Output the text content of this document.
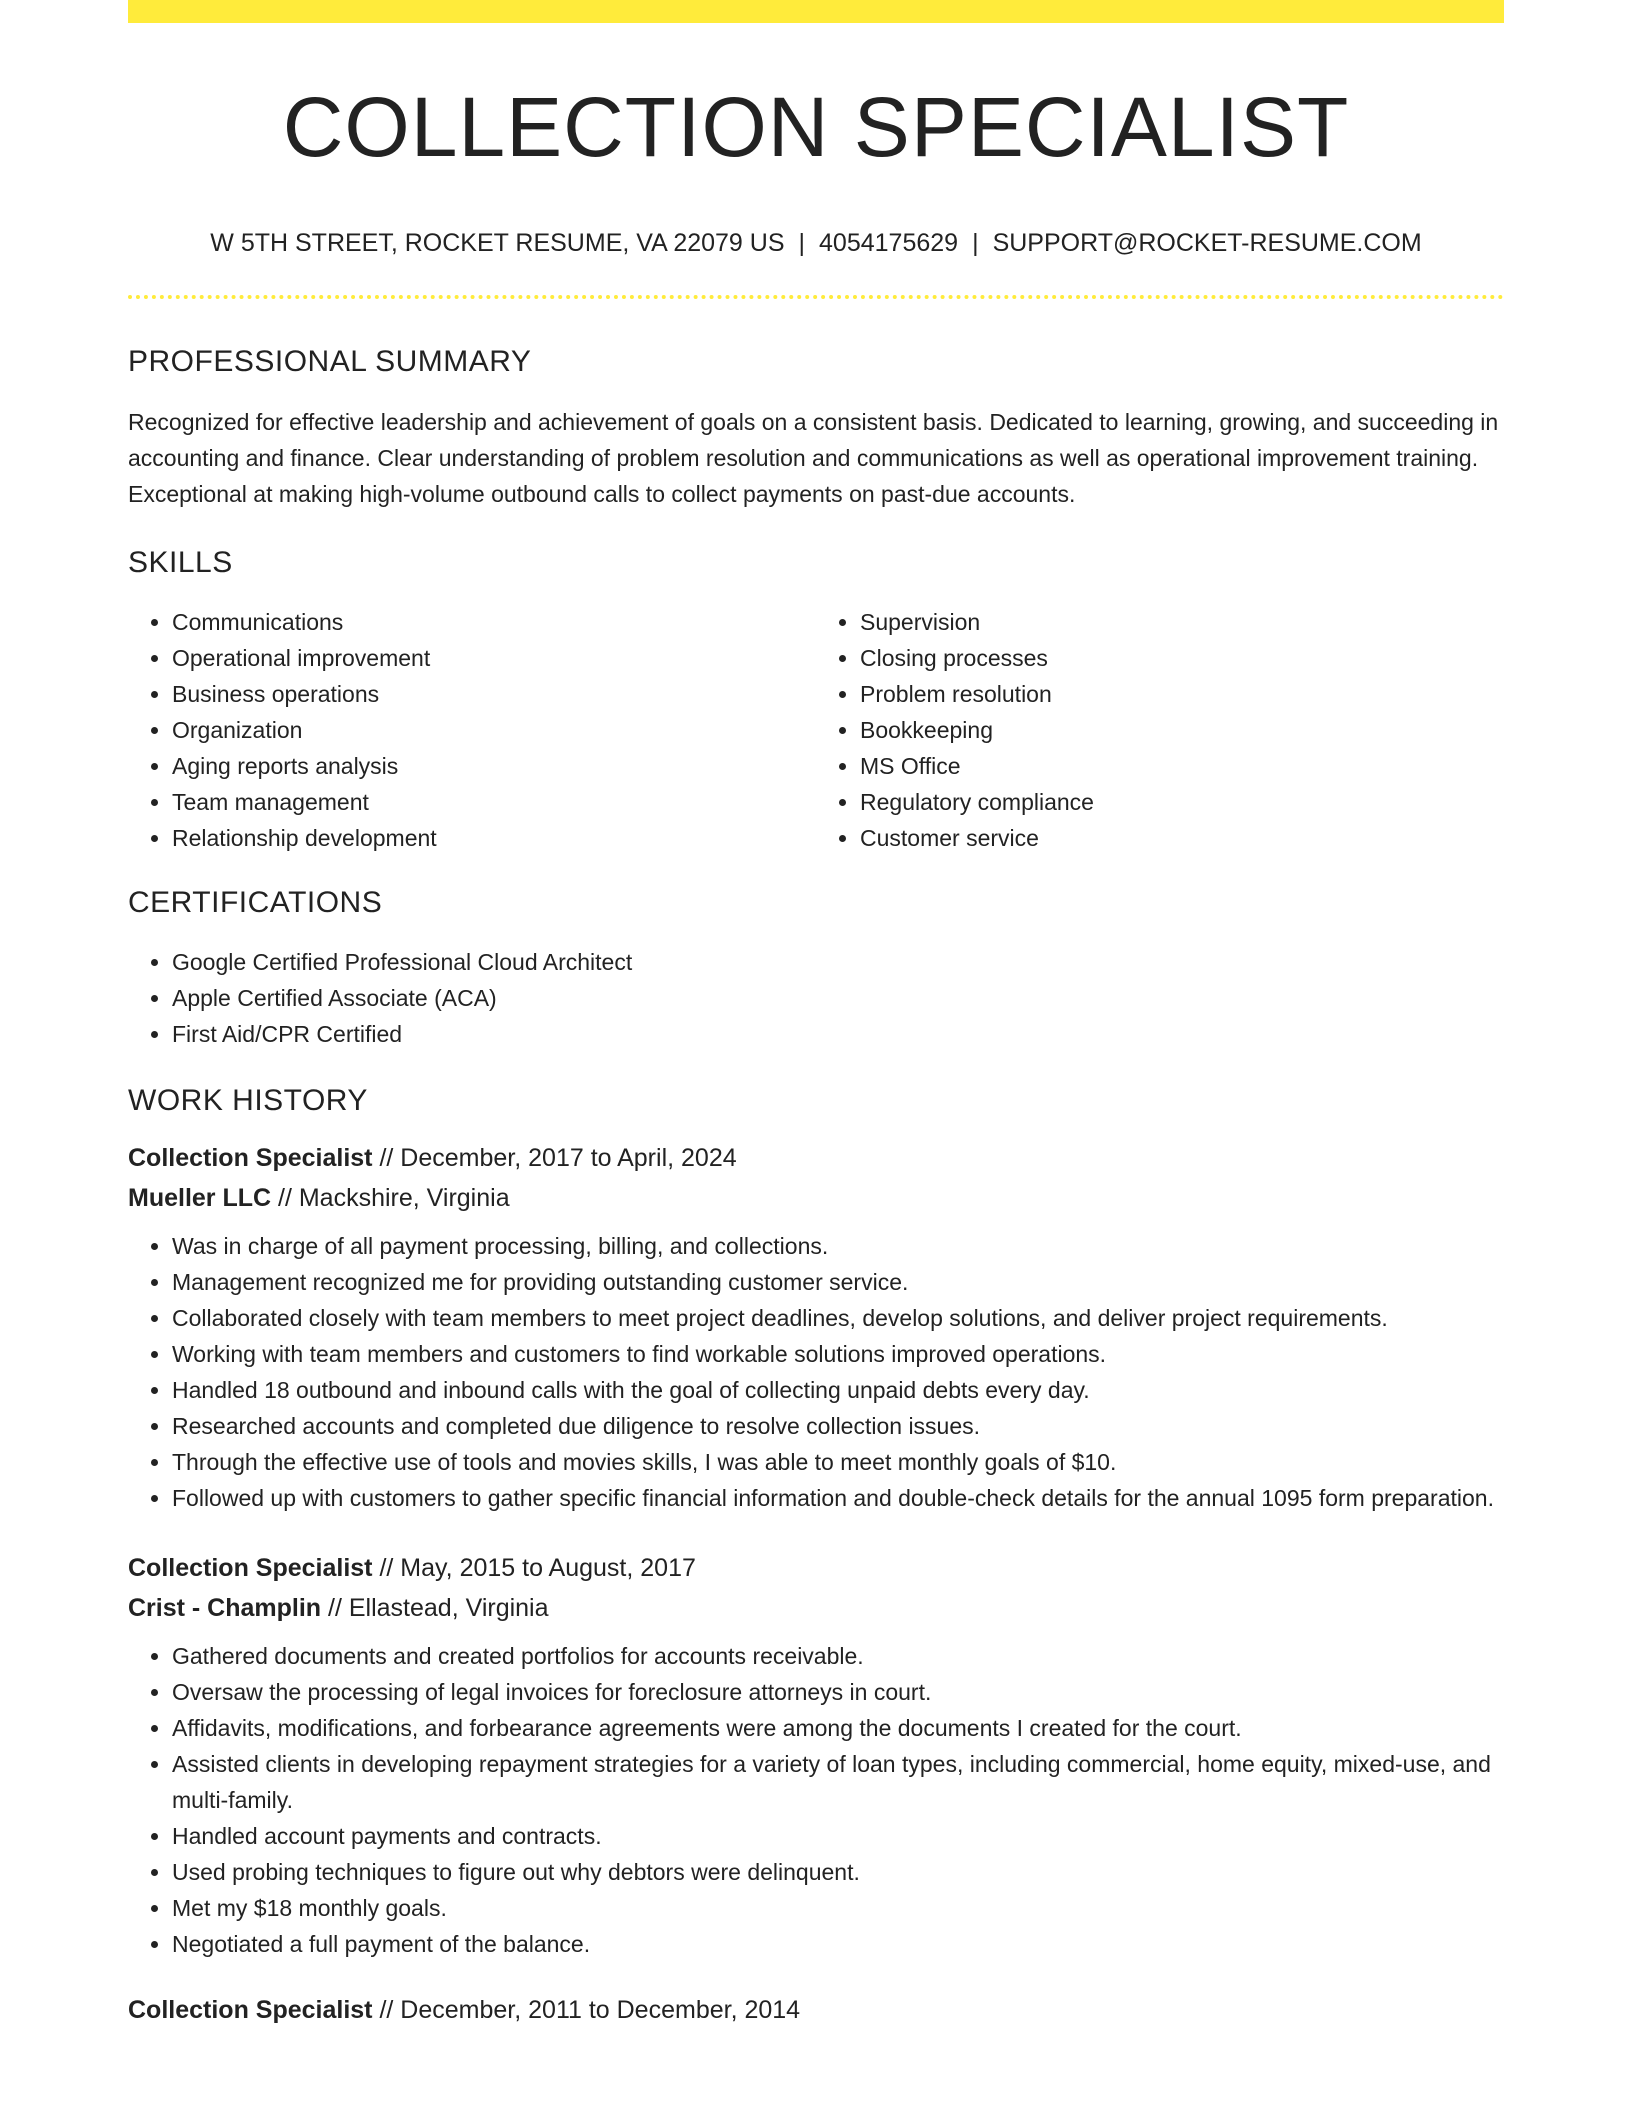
COLLECTION SPECIALIST
W 5TH STREET, ROCKET RESUME, VA 22079 US | 4054175629 | SUPPORT@ROCKET-RESUME.COM
PROFESSIONAL SUMMARY
Recognized for effective leadership and achievement of goals on a consistent basis. Dedicated to learning, growing, and succeeding in accounting and finance. Clear understanding of problem resolution and communications as well as operational improvement training. Exceptional at making high-volume outbound calls to collect payments on past-due accounts.
SKILLS
• Communications
• Operational improvement
• Business operations
• Organization
• Aging reports analysis
• Team management
• Relationship development
• Supervision
• Closing processes
• Problem resolution
• Bookkeeping
• MS Office
• Regulatory compliance
• Customer service
CERTIFICATIONS
• Google Certified Professional Cloud Architect
• Apple Certified Associate (ACA)
• First Aid/CPR Certified
WORK HISTORY
Collection Specialist // December, 2017 to April, 2024
Mueller LLC // Mackshire, Virginia
• Was in charge of all payment processing, billing, and collections.
• Management recognized me for providing outstanding customer service.
• Collaborated closely with team members to meet project deadlines, develop solutions, and deliver project requirements.
• Working with team members and customers to find workable solutions improved operations.
• Handled 18 outbound and inbound calls with the goal of collecting unpaid debts every day.
• Researched accounts and completed due diligence to resolve collection issues.
• Through the effective use of tools and movies skills, I was able to meet monthly goals of $10.
• Followed up with customers to gather specific financial information and double-check details for the annual 1095 form preparation.
Collection Specialist // May, 2015 to August, 2017
Crist - Champlin // Ellastead, Virginia
• Gathered documents and created portfolios for accounts receivable.
• Oversaw the processing of legal invoices for foreclosure attorneys in court.
• Affidavits, modifications, and forbearance agreements were among the documents I created for the court.
• Assisted clients in developing repayment strategies for a variety of loan types, including commercial, home equity, mixed-use, and multi-family.
• Handled account payments and contracts.
• Used probing techniques to figure out why debtors were delinquent.
• Met my $18 monthly goals.
• Negotiated a full payment of the balance.
Collection Specialist // December, 2011 to December, 2014
